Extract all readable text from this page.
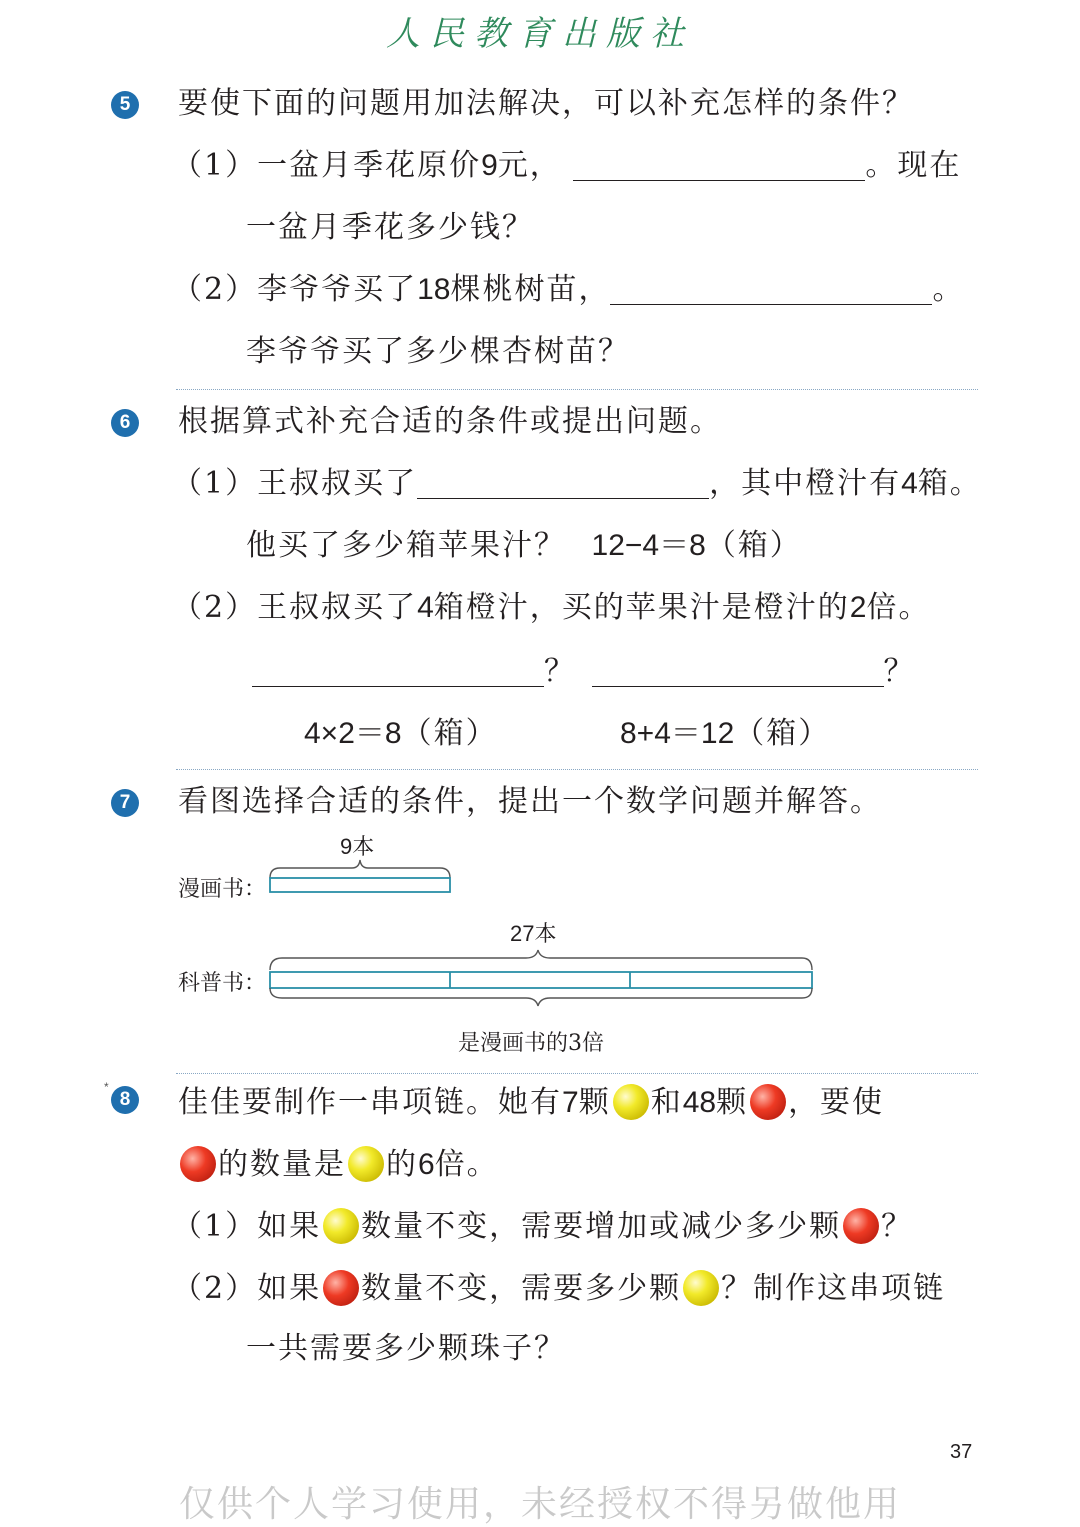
人民教育出版社
5 要使下面的问题用加法解决，可以补充怎样的条件？
（1）一盆月季花原价9元，	。现在
一盆月季花多少钱？
（2）李爷爷买了18棵桃树苗，	。
李爷爷买了多少棵杏树苗？
6 根据算式补充合适的条件或提出问题。
（1）王叔叔买了	，其中橙汁有4箱。
他买了多少箱苹果汁？ 12−4＝8（箱）
（2）王叔叔买了4箱橙汁，买的苹果汁是橙汁的2倍。
？	？
4×2＝8（箱）	8+4＝12（箱）
7 看图选择合适的条件，提出一个数学问题并解答。
9本
漫画书：
27本
科普书：
是漫画书的3倍
*
8 佳佳要制作一串项链。她有7颗 和48颗 ，要使
的数量是 的6倍。
（1）如果 数量不变，需要增加或减少多少颗 ？
（2）如果 数量不变，需要多少颗 ？制作这串项链
一共需要多少颗珠子？
37
仅供个人学习使用，未经授权不得另做他用
